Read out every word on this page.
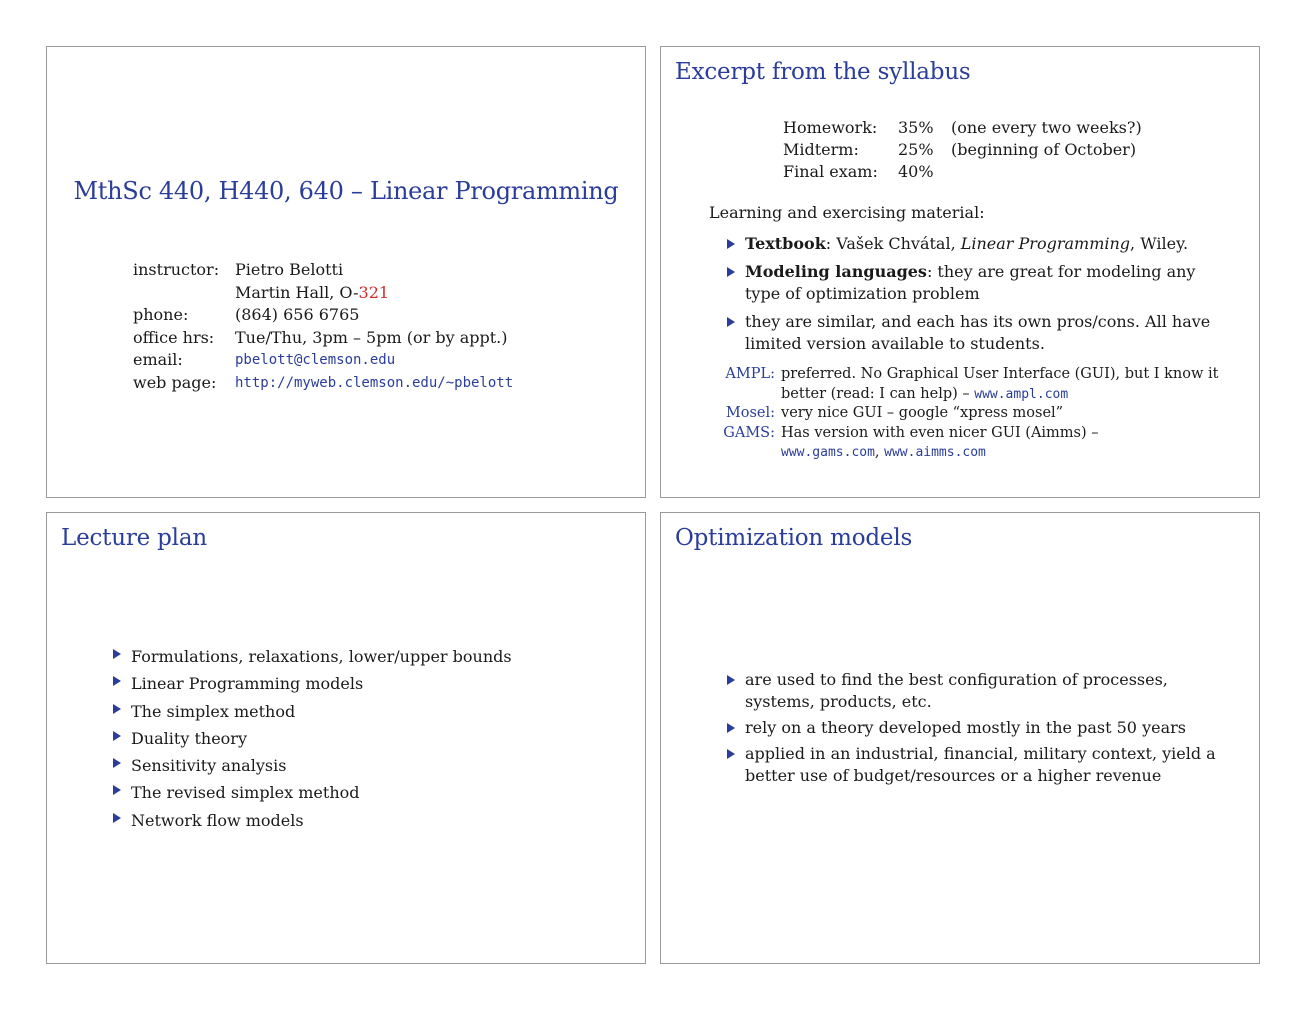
MthSc 440, H440, 640 – Linear Programming
instructor: Pietro Belotti
Martin Hall, O-321
phone:	(864) 656 6765
office hrs:	Tue/Thu, 3pm – 5pm (or by appt.)
email:	pbelott@clemson.edu
web page:	http://myweb.clemson.edu/~pbelott
Excerpt from the syllabus
Homework:	35%	(one every two weeks?)
Midterm:	25%	(beginning of October)
Final exam:	40%
Learning and exercising material:
Textbook: Vašek Chvátal, Linear Programming, Wiley.
Modeling languages: they are great for modeling any type of optimization problem
they are similar, and each has its own pros/cons. All have limited version available to students.
AMPL: preferred. No Graphical User Interface (GUI), but I know it better (read: I can help) – www.ampl.com
Mosel: very nice GUI – google “xpress mosel”
GAMS: Has version with even nicer GUI (Aimms) –
www.gams.com, www.aimms.com
Lecture plan
Formulations, relaxations, lower/upper bounds
Linear Programming models
The simplex method
Duality theory
Sensitivity analysis
The revised simplex method
Network flow models
Optimization models
are used to find the best configuration of processes, systems, products, etc.
rely on a theory developed mostly in the past 50 years
applied in an industrial, financial, military context, yield a better use of budget/resources or a higher revenue
